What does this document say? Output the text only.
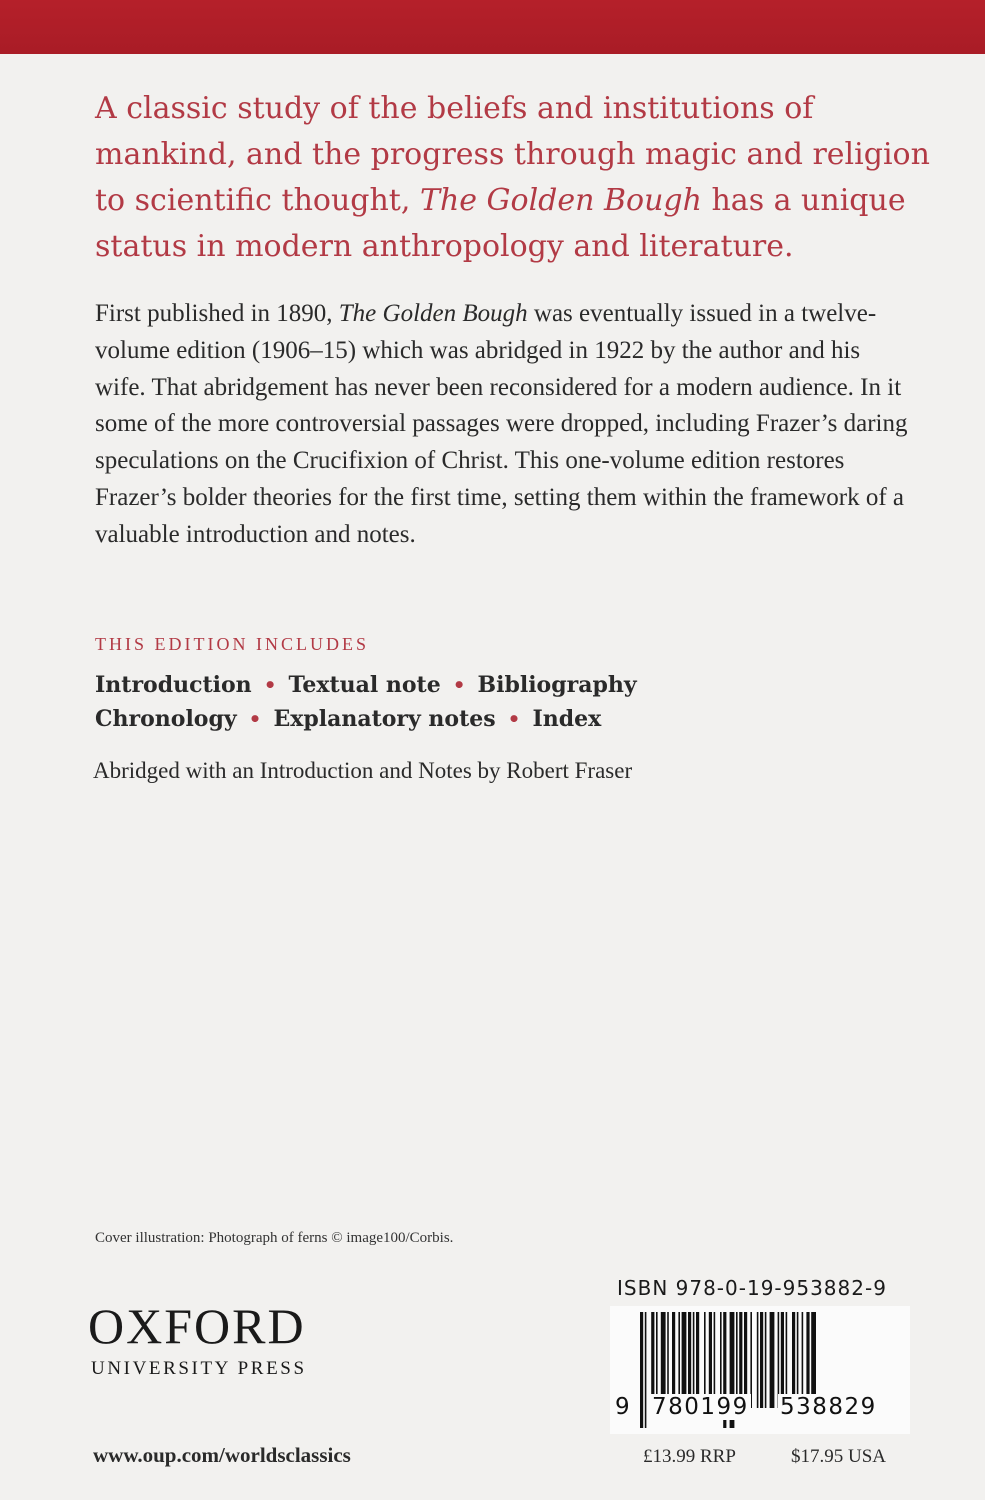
A classic study of the beliefs and institutions of mankind, and the progress through magic and religion to scientific thought, The Golden Bough has a unique status in modern anthropology and literature.

First published in 1890, The Golden Bough was eventually issued in a twelve-volume edition (1906–15) which was abridged in 1922 by the author and his wife. That abridgement has never been reconsidered for a modern audience. In it some of the more controversial passages were dropped, including Frazer’s daring speculations on the Crucifixion of Christ. This one-volume edition restores Frazer’s bolder theories for the first time, setting them within the framework of a valuable introduction and notes.

THIS EDITION INCLUDES

Introduction • Textual note • Bibliography

Chronology • Explanatory notes • Index

Abridged with an Introduction and Notes by Robert Fraser

Cover illustration: Photograph of ferns © image100/Corbis.

OXFORD

UNIVERSITY PRESS

ISBN 978-0-19-953882-9

9 780199 538829

www.oup.com/worldsclassics	£13.99 RRP	$17.95 USA
